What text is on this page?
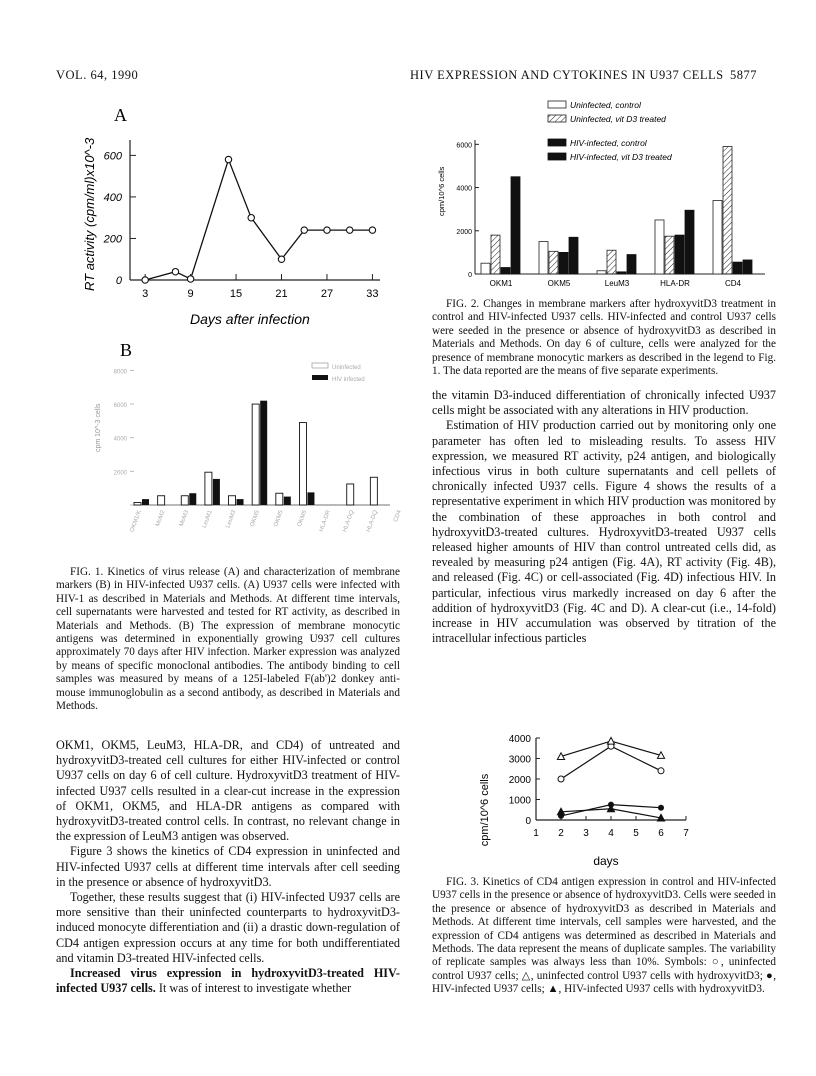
VOL. 64, 1990	HIV EXPRESSION AND CYTOKINES IN U937 CELLS 5877
A
RT activity (cpm/ml)x10^-3
Days after infection
0
200
400
600
3	9	15	21	27	33
B
cpm 10^-3 cells
2000
4000
6000
8000
Uninfected
HIV infected
OKM1/K MoM2 MoM3 LeuM1 LeuM3 OKM5 OKM5 OKM5 HLA-DR HLA-DQ HLA-DQ CD4

FIG. 1. Kinetics of virus release (A) and characterization of membrane markers (B) in HIV-infected U937 cells. (A) U937 cells were infected with HIV-1 as described in Materials and Methods. At different time intervals, cell supernatants were harvested and tested for RT activity, as described in Materials and Methods. (B) The expression of membrane monocytic antigens was determined in exponentially growing U937 cell cultures approximately 70 days after HIV infection. Marker expression was analyzed by means of specific monoclonal antibodies. The antibody binding to cell samples was measured by means of a 125I-labeled F(ab')2 donkey anti-mouse immunoglobulin as a second antibody, as described in Materials and Methods.

OKM1, OKM5, LeuM3, HLA-DR, and CD4) of untreated and hydroxyvitD3-treated cell cultures for either HIV-infected or control U937 cells on day 6 of cell culture. HydroxyvitD3 treatment of HIV-infected U937 cells resulted in a clear-cut increase in the expression of OKM1, OKM5, and HLA-DR antigens as compared with hydroxyvitD3-treated control cells. In contrast, no relevant change in the expression of LeuM3 antigen was observed.

Figure 3 shows the kinetics of CD4 expression in uninfected and HIV-infected U937 cells at different time intervals after cell seeding in the presence or absence of hydroxyvitD3.

Together, these results suggest that (i) HIV-infected U937 cells are more sensitive than their uninfected counterparts to hydroxyvitD3-induced monocyte differentiation and (ii) a drastic down-regulation of CD4 antigen expression occurs at any time for both undifferentiated and vitamin D3-treated HIV-infected cells.

Increased virus expression in hydroxyvitD3-treated HIV-infected U937 cells. It was of interest to investigate whether

cpm/10^6 cells
0
2000
4000
6000
Uninfected, control
Uninfected, vit D3 treated
HIV-infected, control
HIV-infected, vit D3 treated
OKM1	OKM5	LeuM3	HLA-DR	CD4

FIG. 2. Changes in membrane markers after hydroxyvitD3 treatment in control and HIV-infected U937 cells. HIV-infected and control U937 cells were seeded in the presence or absence of hydroxyvitD3 as described in Materials and Methods. On day 6 of culture, cells were analyzed for the presence of membrane monocytic markers as described in the legend to Fig. 1. The data reported are the means of five separate experiments.

the vitamin D3-induced differentiation of chronically infected U937 cells might be associated with any alterations in HIV production.

Estimation of HIV production carried out by monitoring only one parameter has often led to misleading results. To assess HIV expression, we measured RT activity, p24 antigen, and biologically infectious virus in both culture supernatants and cell pellets of chronically infected U937 cells. Figure 4 shows the results of a representative experiment in which HIV production was monitored by the combination of these approaches in both control and hydroxyvitD3-treated cultures. HydroxyvitD3-treated U937 cells released higher amounts of HIV than control untreated cells did, as revealed by measuring p24 antigen (Fig. 4A), RT activity (Fig. 4B), and released (Fig. 4C) or cell-associated (Fig. 4D) infectious HIV. In particular, infectious virus markedly increased on day 6 after the addition of hydroxyvitD3 (Fig. 4C and D). A clear-cut (i.e., 14-fold) increase in HIV accumulation was observed by titration of the intracellular infectious particles

cpm/10^6 cells
days
0
1000
2000
3000
4000
1 2 3 4 5 6 7

FIG. 3. Kinetics of CD4 antigen expression in control and HIV-infected U937 cells in the presence or absence of hydroxyvitD3. Cells were seeded in the presence or absence of hydroxyvitD3 as described in Materials and Methods. At different time intervals, cell samples were harvested, and the expression of CD4 antigens was determined as described in Materials and Methods. The data represent the means of duplicate samples. The variability of replicate samples was always less than 10%. Symbols: ○, uninfected control U937 cells; △, uninfected control U937 cells with hydroxyvitD3; ●, HIV-infected U937 cells; ▲, HIV-infected U937 cells with hydroxyvitD3.
